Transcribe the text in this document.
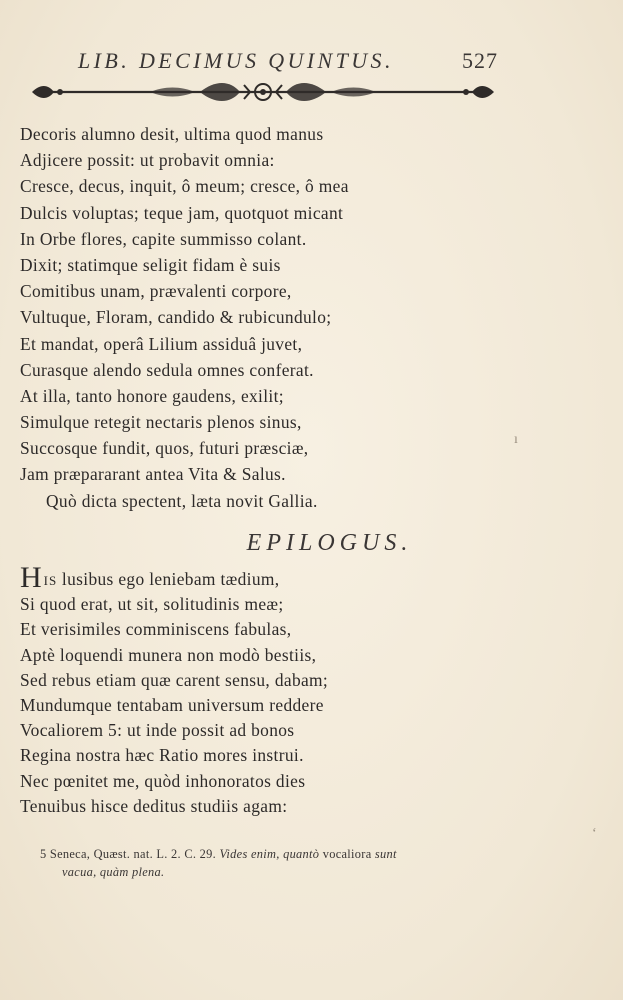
LIB. DECIMUS QUINTUS.	527
Decoris alumno desit, ultima quod manus
Adjicere possit: ut probavit omnia:
Cresce, decus, inquit, ô meum; cresce, ô mea
Dulcis voluptas; teque jam, quotquot micant
In Orbe flores, capite summisso colant.
Dixit; statimque seligit fidam è suis
Comitibus unam, prævalenti corpore,
Vultuque, Floram, candido & rubicundulo;
Et mandat, operâ Lilium assiduâ juvet,
Curasque alendo sedula omnes conferat.
At illa, tanto honore gaudens, exilit;
Simulque retegit nectaris plenos sinus,
Succosque fundit, quos, futuri præsciæ,
Jam præpararant antea Vita & Salus.
Quò dicta spectent, læta novit Gallia.
EPILOGUS.
HIS lusibus ego leniebam tædium,
Si quod erat, ut sit, solitudinis meæ;
Et verisimiles comminiscens fabulas,
Aptè loquendi munera non modò bestiis,
Sed rebus etiam quæ carent sensu, dabam;
Mundumque tentabam universum reddere
Vocaliorem 5: ut inde possit ad bonos
Regina nostra hæc Ratio mores instrui.
Nec pœnitet me, quòd inhonoratos dies
Tenuibus hisce deditus studiis agam:
5 Seneca, Quæst. nat. L. 2. C. 29. Vides enim, quantò vocaliora sunt
vacua, quàm plena.
ı
ʻ
